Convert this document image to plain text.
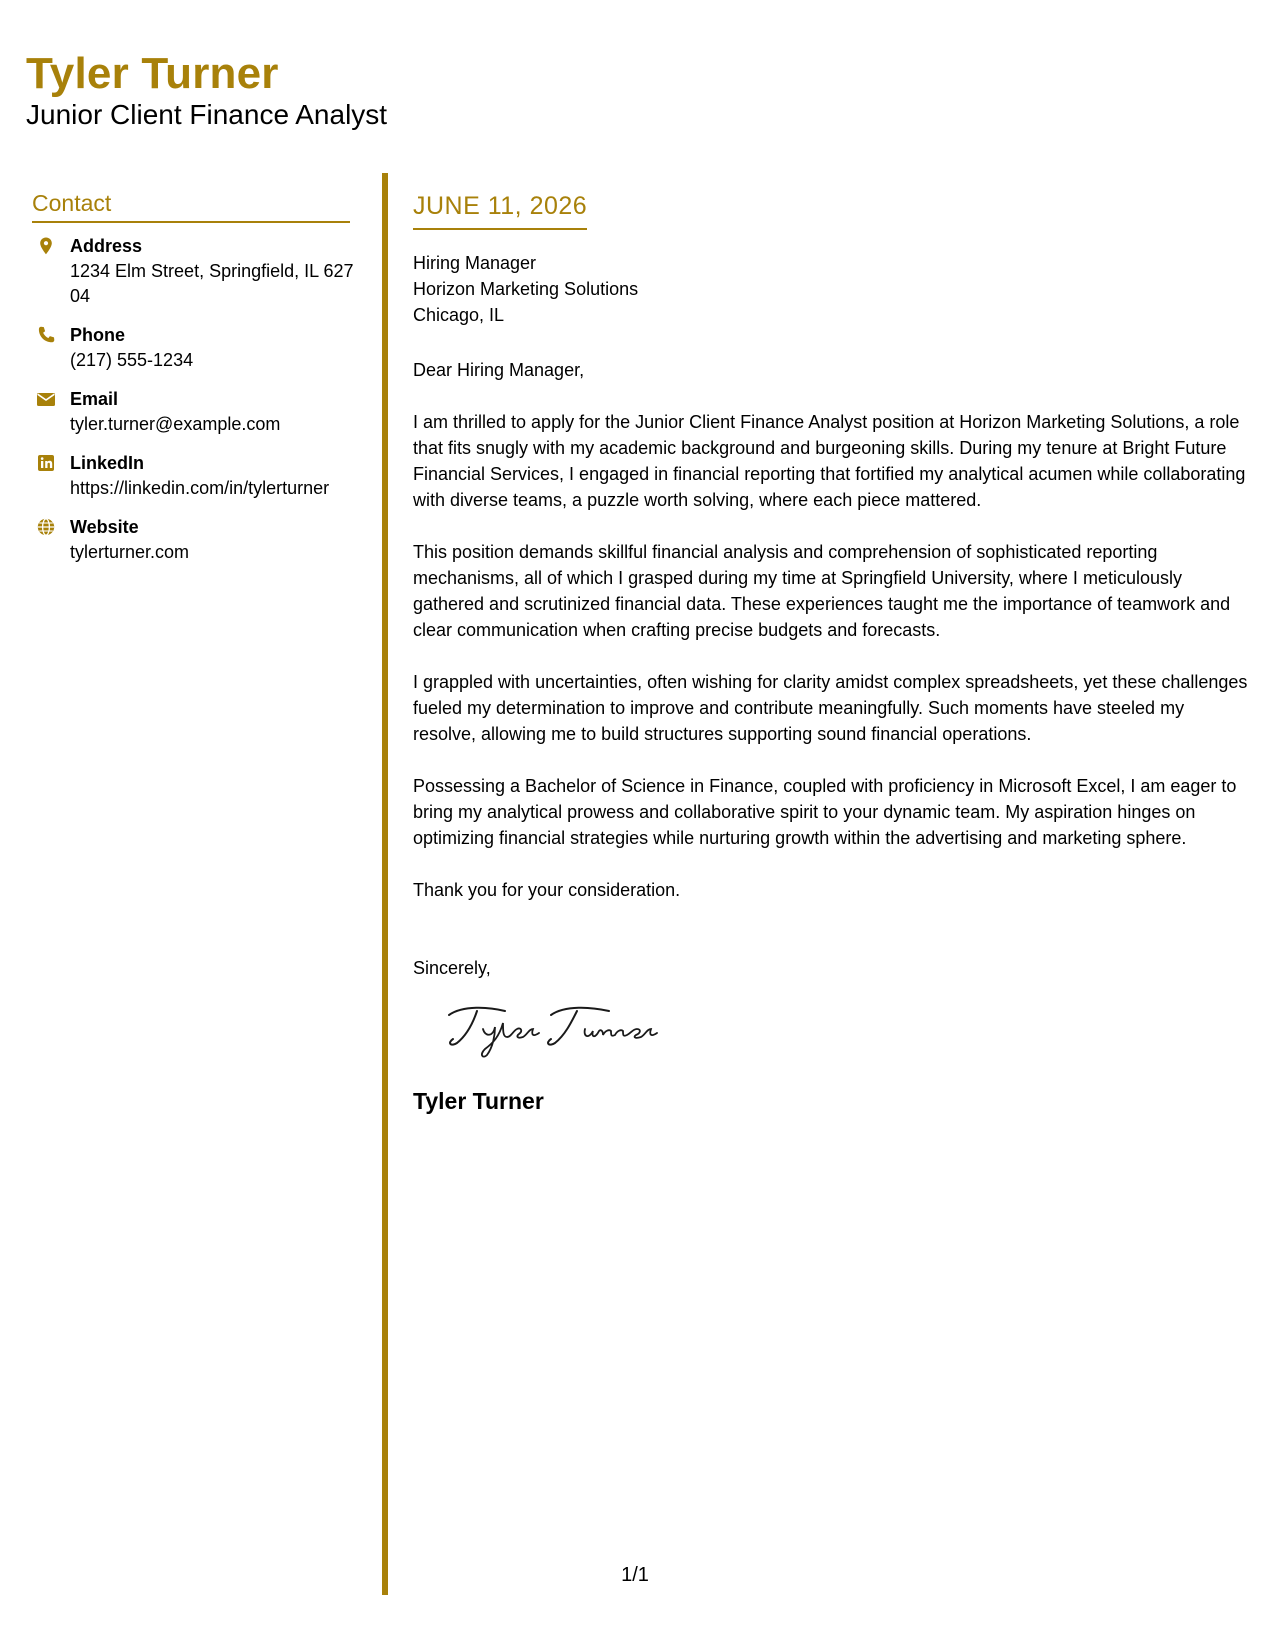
Tyler Turner
Junior Client Finance Analyst
Contact
Address
1234 Elm Street, Springfield, IL 62704
Phone
(217) 555-1234
Email
tyler.turner@example.com
LinkedIn
https://linkedin.com/in/tylerturner
Website
tylerturner.com
JUNE 11, 2026
Hiring Manager
Horizon Marketing Solutions
Chicago, IL

Dear Hiring Manager,

I am thrilled to apply for the Junior Client Finance Analyst position at Horizon Marketing Solutions, a role that fits snugly with my academic background and burgeoning skills. During my tenure at Bright Future Financial Services, I engaged in financial reporting that fortified my analytical acumen while collaborating with diverse teams, a puzzle worth solving, where each piece mattered.

This position demands skillful financial analysis and comprehension of sophisticated reporting mechanisms, all of which I grasped during my time at Springfield University, where I meticulously gathered and scrutinized financial data. These experiences taught me the importance of teamwork and clear communication when crafting precise budgets and forecasts.

I grappled with uncertainties, often wishing for clarity amidst complex spreadsheets, yet these challenges fueled my determination to improve and contribute meaningfully. Such moments have steeled my resolve, allowing me to build structures supporting sound financial operations.

Possessing a Bachelor of Science in Finance, coupled with proficiency in Microsoft Excel, I am eager to bring my analytical prowess and collaborative spirit to your dynamic team. My aspiration hinges on optimizing financial strategies while nurturing growth within the advertising and marketing sphere.

Thank you for your consideration.

Sincerely,

Tyler Turner

1/1
